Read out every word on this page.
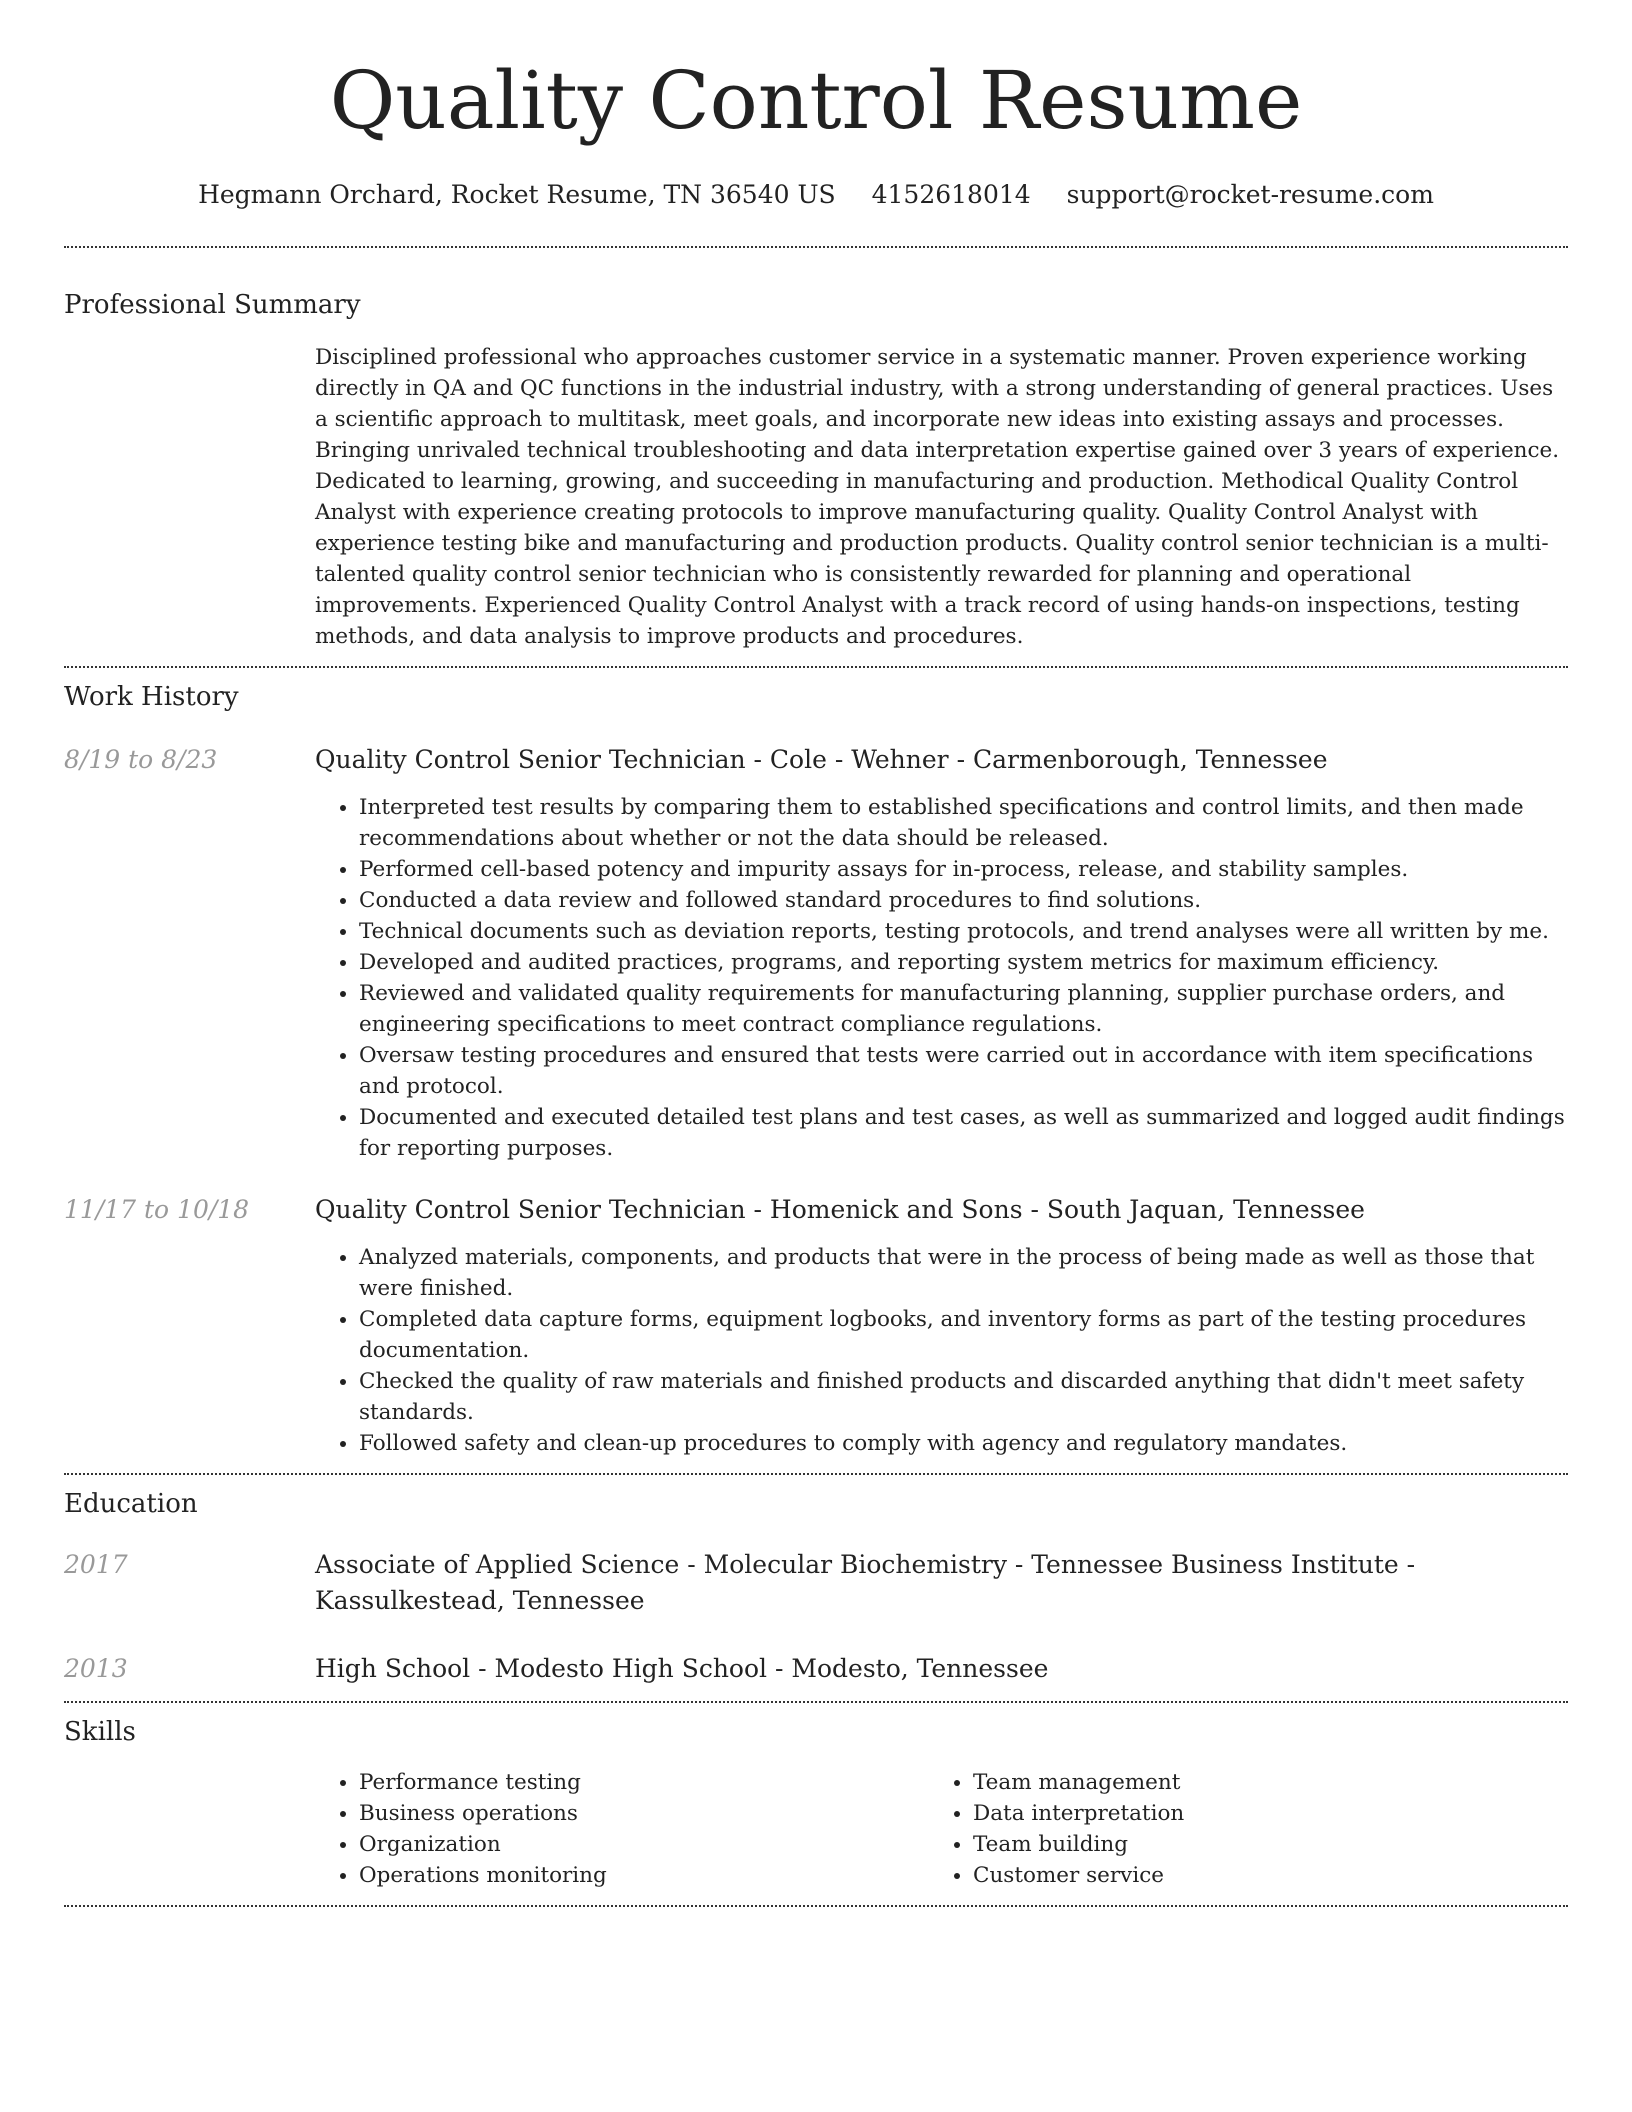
Quality Control Resume
Hegmann Orchard, Rocket Resume, TN 36540 US 4152618014 support@rocket-resume.com
Professional Summary
Disciplined professional who approaches customer service in a systematic manner. Proven experience working directly in QA and QC functions in the industrial industry, with a strong understanding of general practices. Uses a scientific approach to multitask, meet goals, and incorporate new ideas into existing assays and processes. Bringing unrivaled technical troubleshooting and data interpretation expertise gained over 3 years of experience. Dedicated to learning, growing, and succeeding in manufacturing and production. Methodical Quality Control Analyst with experience creating protocols to improve manufacturing quality. Quality Control Analyst with experience testing bike and manufacturing and production products. Quality control senior technician is a multi-talented quality control senior technician who is consistently rewarded for planning and operational improvements. Experienced Quality Control Analyst with a track record of using hands-on inspections, testing methods, and data analysis to improve products and procedures.
Work History
8/19 to 8/23	Quality Control Senior Technician - Cole - Wehner - Carmenborough, Tennessee
• Interpreted test results by comparing them to established specifications and control limits, and then made recommendations about whether or not the data should be released.
• Performed cell-based potency and impurity assays for in-process, release, and stability samples.
• Conducted a data review and followed standard procedures to find solutions.
• Technical documents such as deviation reports, testing protocols, and trend analyses were all written by me.
• Developed and audited practices, programs, and reporting system metrics for maximum efficiency.
• Reviewed and validated quality requirements for manufacturing planning, supplier purchase orders, and engineering specifications to meet contract compliance regulations.
• Oversaw testing procedures and ensured that tests were carried out in accordance with item specifications and protocol.
• Documented and executed detailed test plans and test cases, as well as summarized and logged audit findings for reporting purposes.
11/17 to 10/18	Quality Control Senior Technician - Homenick and Sons - South Jaquan, Tennessee
• Analyzed materials, components, and products that were in the process of being made as well as those that were finished.
• Completed data capture forms, equipment logbooks, and inventory forms as part of the testing procedures documentation.
• Checked the quality of raw materials and finished products and discarded anything that didn't meet safety standards.
• Followed safety and clean-up procedures to comply with agency and regulatory mandates.
Education
2017	Associate of Applied Science - Molecular Biochemistry - Tennessee Business Institute - Kassulkestead, Tennessee
2013	High School - Modesto High School - Modesto, Tennessee
Skills
• Performance testing
• Business operations
• Organization
• Operations monitoring
• Team management
• Data interpretation
• Team building
• Customer service
